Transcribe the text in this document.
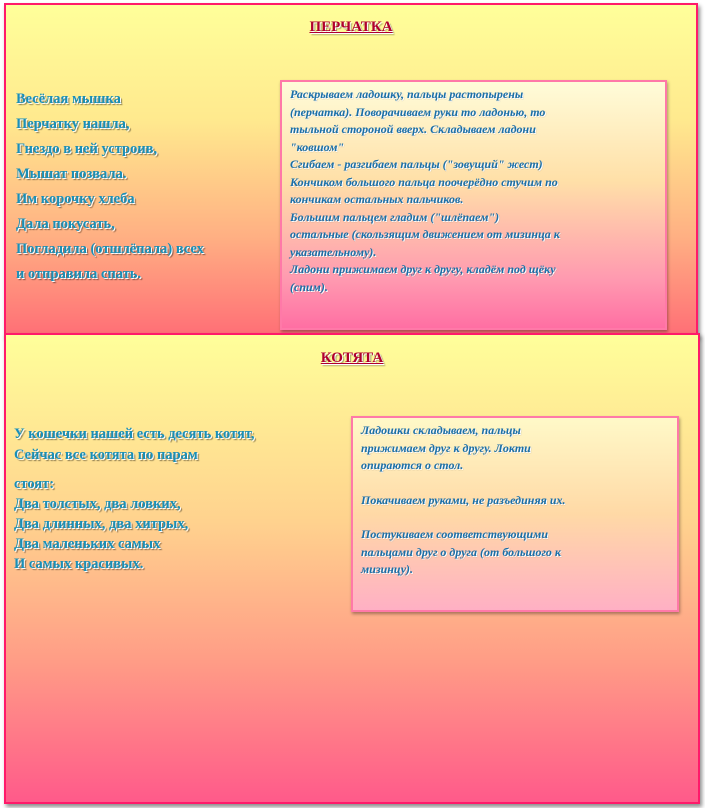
ПЕРЧАТКА
Весёлая мышка
Перчатку нашла,
Гнездо в ней устроив,
Мышат позвала.
Им корочку хлеба
Дала покусать,
Погладила (отшлёпала) всех
и отправила спать.
Раскрываем ладошку, пальцы растопырены
(перчатка). Поворачиваем руки то ладонью, то
тыльной стороной вверх. Складываем ладони
"ковшом"
Сгибаем - разгибаем пальцы ("зовущий" жест)
Кончиком большого пальца поочерёдно стучим по
кончикам остальных пальчиков.
Большим пальцем гладим ("шлёпаем")
остальные (скользящим движением от мизинца к
указательному).
Ладони прижимаем друг к другу, кладём под щёку
(спим).
КОТЯТА
У кошечки нашей есть десять котят,
Сейчас все котята по парам
стоят:
Два толстых, два ловких,
Два длинных, два хитрых,
Два маленьких самых
И самых красивых.
Ладошки складываем, пальцы
прижимаем друг к другу. Локти
опираются о стол.
Покачиваем руками, не разъединяя их.
Постукиваем соответствующими
пальцами друг о друга (от большого к
мизинцу).
